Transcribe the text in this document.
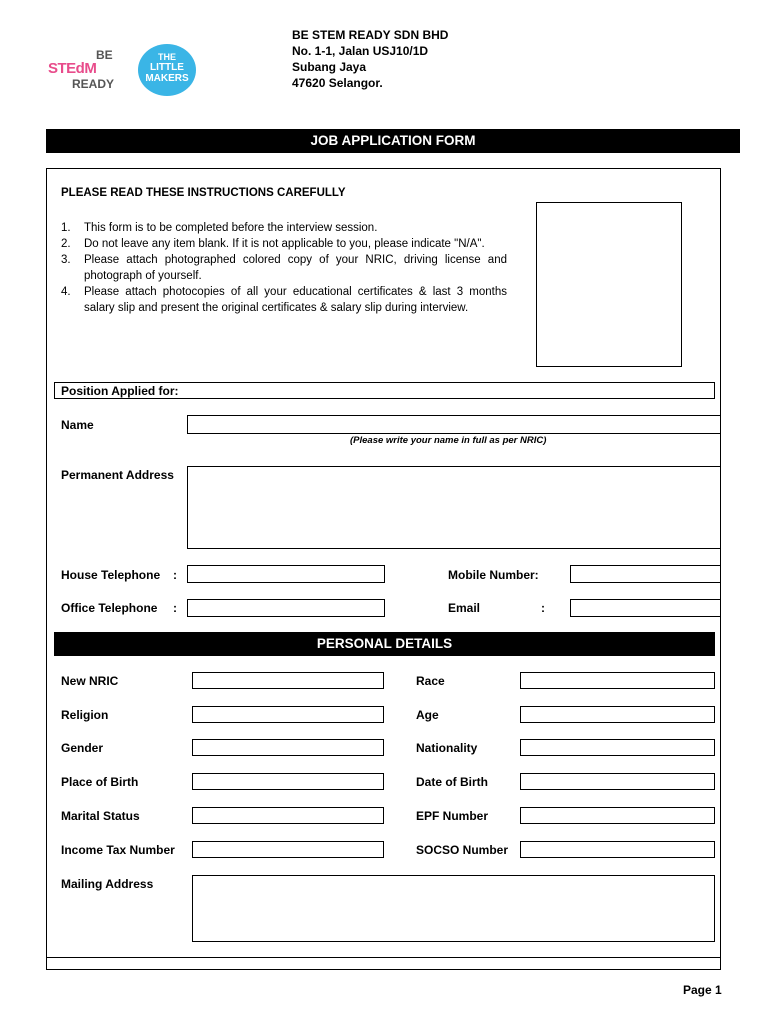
BE
STEdM
READY
THE
LITTLE
MAKERS
BE STEM READY SDN BHD
No. 1-1, Jalan USJ10/1D
Subang Jaya
47620 Selangor.
JOB APPLICATION FORM
PLEASE READ THESE INSTRUCTIONS CAREFULLY
1.	This form is to be completed before the interview session.
2.	Do not leave any item blank. If it is not applicable to you, please indicate "N/A".
3.	Please attach photographed colored copy of your NRIC, driving license and photograph of yourself.
4.	Please attach photocopies of all your educational certificates & last 3 months salary slip and present the original certificates & salary slip during interview.
Position Applied for:
Name
(Please write your name in full as per NRIC)
Permanent Address
House Telephone :	Mobile Number:
Office Telephone :	Email	:
PERSONAL DETAILS
New NRIC	Race
Religion	Age
Gender	Nationality
Place of Birth	Date of Birth
Marital Status	EPF Number
Income Tax Number	SOCSO Number
Mailing Address
Page 1
